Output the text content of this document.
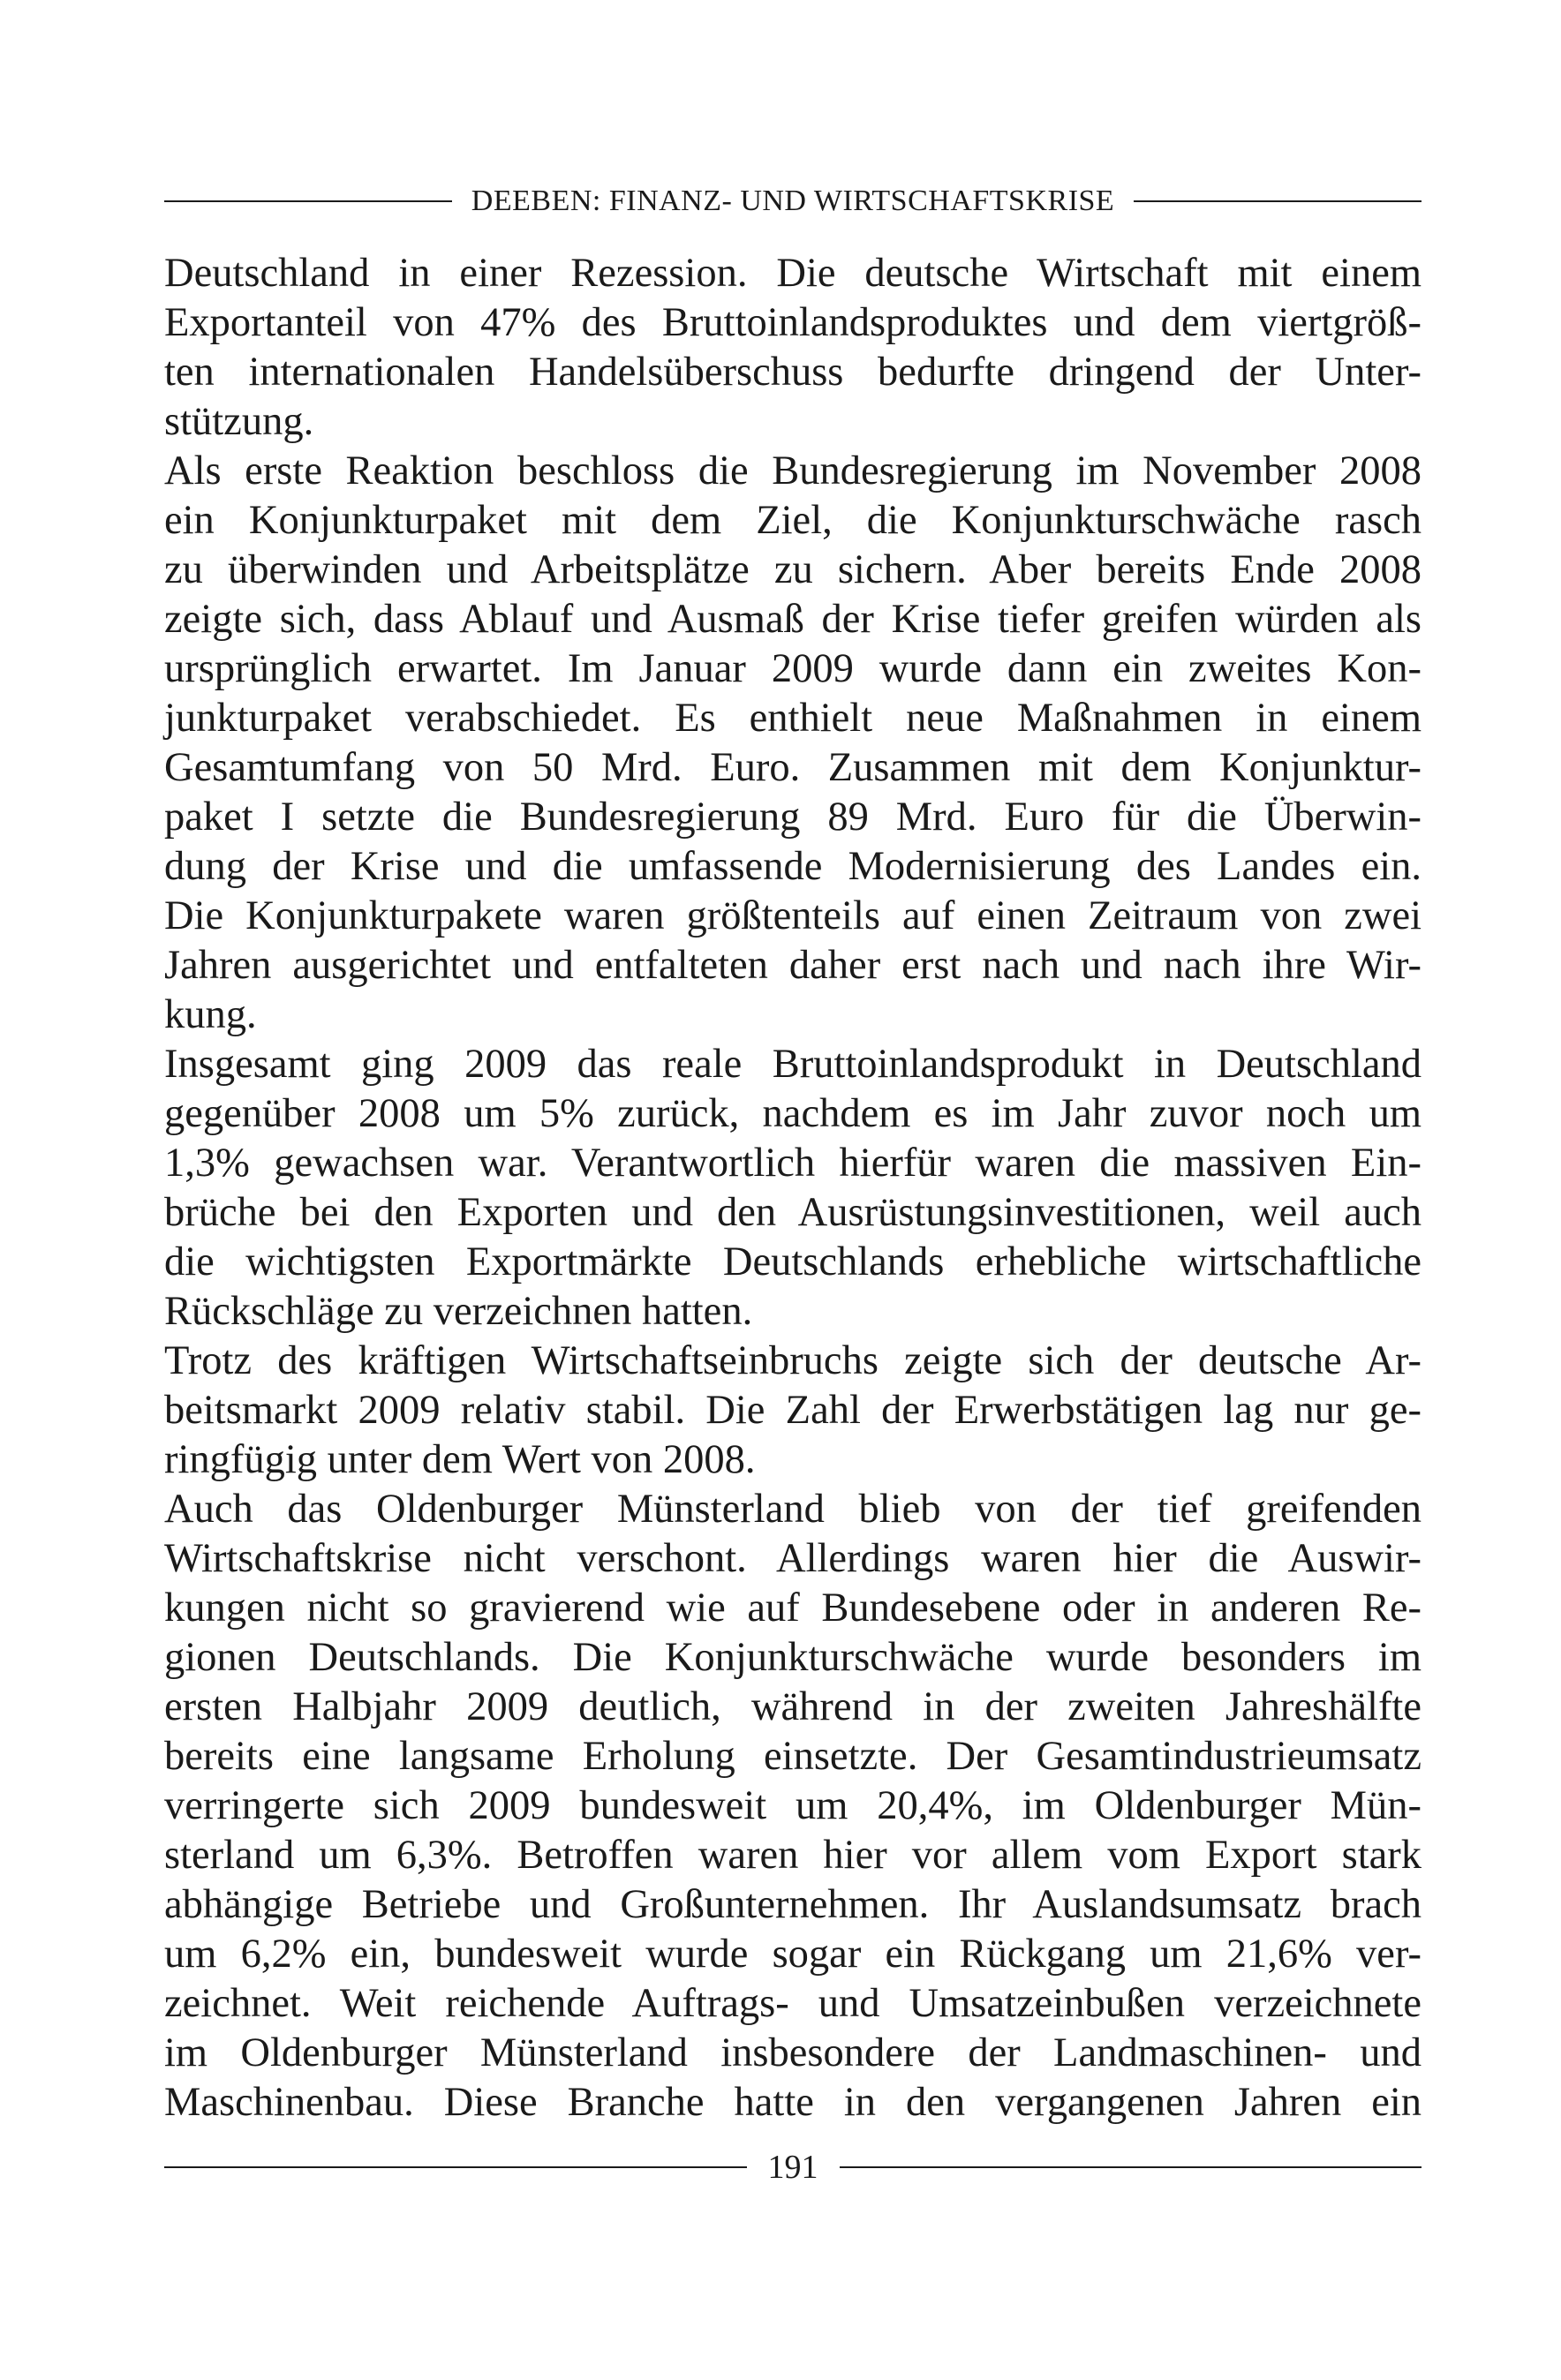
DEEBEN: FINANZ- UND WIRTSCHAFTSKRISE
Deutschland in einer Rezession. Die deutsche Wirtschaft mit einem
Exportanteil von 47% des Bruttoinlandsproduktes und dem viertgröß-
ten internationalen Handelsüberschuss bedurfte dringend der Unter-
stützung.
Als erste Reaktion beschloss die Bundesregierung im November 2008
ein Konjunkturpaket mit dem Ziel, die Konjunkturschwäche rasch
zu überwinden und Arbeitsplätze zu sichern. Aber bereits Ende 2008
zeigte sich, dass Ablauf und Ausmaß der Krise tiefer greifen würden als
ursprünglich erwartet. Im Januar 2009 wurde dann ein zweites Kon-
junkturpaket verabschiedet. Es enthielt neue Maßnahmen in einem
Gesamtumfang von 50 Mrd. Euro. Zusammen mit dem Konjunktur-
paket I setzte die Bundesregierung 89 Mrd. Euro für die Überwin-
dung der Krise und die umfassende Modernisierung des Landes ein.
Die Konjunkturpakete waren größtenteils auf einen Zeitraum von zwei
Jahren ausgerichtet und entfalteten daher erst nach und nach ihre Wir-
kung.
Insgesamt ging 2009 das reale Bruttoinlandsprodukt in Deutschland
gegenüber 2008 um 5% zurück, nachdem es im Jahr zuvor noch um
1,3% gewachsen war. Verantwortlich hierfür waren die massiven Ein-
brüche bei den Exporten und den Ausrüstungsinvestitionen, weil auch
die wichtigsten Exportmärkte Deutschlands erhebliche wirtschaftliche
Rückschläge zu verzeichnen hatten.
Trotz des kräftigen Wirtschaftseinbruchs zeigte sich der deutsche Ar-
beitsmarkt 2009 relativ stabil. Die Zahl der Erwerbstätigen lag nur ge-
ringfügig unter dem Wert von 2008.
Auch das Oldenburger Münsterland blieb von der tief greifenden
Wirtschaftskrise nicht verschont. Allerdings waren hier die Auswir-
kungen nicht so gravierend wie auf Bundesebene oder in anderen Re-
gionen Deutschlands. Die Konjunkturschwäche wurde besonders im
ersten Halbjahr 2009 deutlich, während in der zweiten Jahreshälfte
bereits eine langsame Erholung einsetzte. Der Gesamtindustrieumsatz
verringerte sich 2009 bundesweit um 20,4%, im Oldenburger Mün-
sterland um 6,3%. Betroffen waren hier vor allem vom Export stark
abhängige Betriebe und Großunternehmen. Ihr Auslandsumsatz brach
um 6,2% ein, bundesweit wurde sogar ein Rückgang um 21,6% ver-
zeichnet. Weit reichende Auftrags- und Umsatzeinbußen verzeichnete
im Oldenburger Münsterland insbesondere der Landmaschinen- und
Maschinenbau. Diese Branche hatte in den vergangenen Jahren ein
191
